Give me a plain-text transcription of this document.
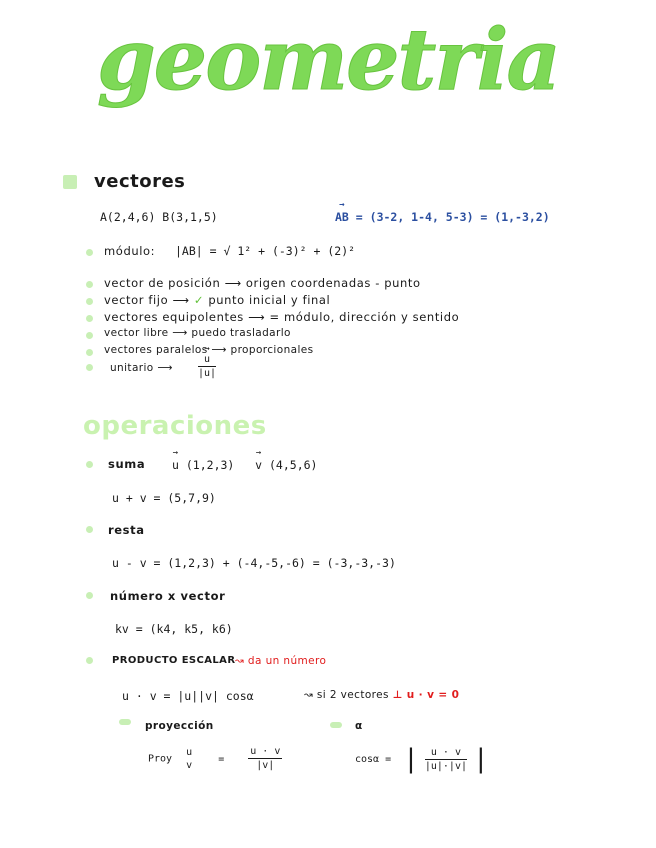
geometria
vectores
A(2,4,6) B(3,1,5)	→ AB = (3-2, 1-4, 5-3) = (1,-3,2)
módulo: |AB| = √ 1² + (-3)² + (2)²
vector de posición ⟶ origen coordenadas - punto
vector fijo ⟶ ✓ punto inicial y final
vectores equipolentes ⟶ = módulo, dirección y sentido
vector libre ⟶ puedo trasladarlo
vectores paralelos ⟶ proporcionales
unitario ⟶	→ $\frac{u}{|u|}$
operaciones
suma → u (1,2,3) → v (4,5,6)
u + v = (5,7,9)
resta
u - v = (1,2,3) + (-4,-5,-6) = (-3,-3,-3)
número x vector
kv = (k4, k5, k6)
PRODUCTO ESCALAR ↝ da un número
u · v = |u||v| cosα	↝ si 2 vectores ⊥ u · v = 0
proyección	α
Proy
u
v
= $\frac{u \cdot v}{|v|}$	cosα = | $\frac{u \cdot v}{|u|\cdot|v|}$ |
